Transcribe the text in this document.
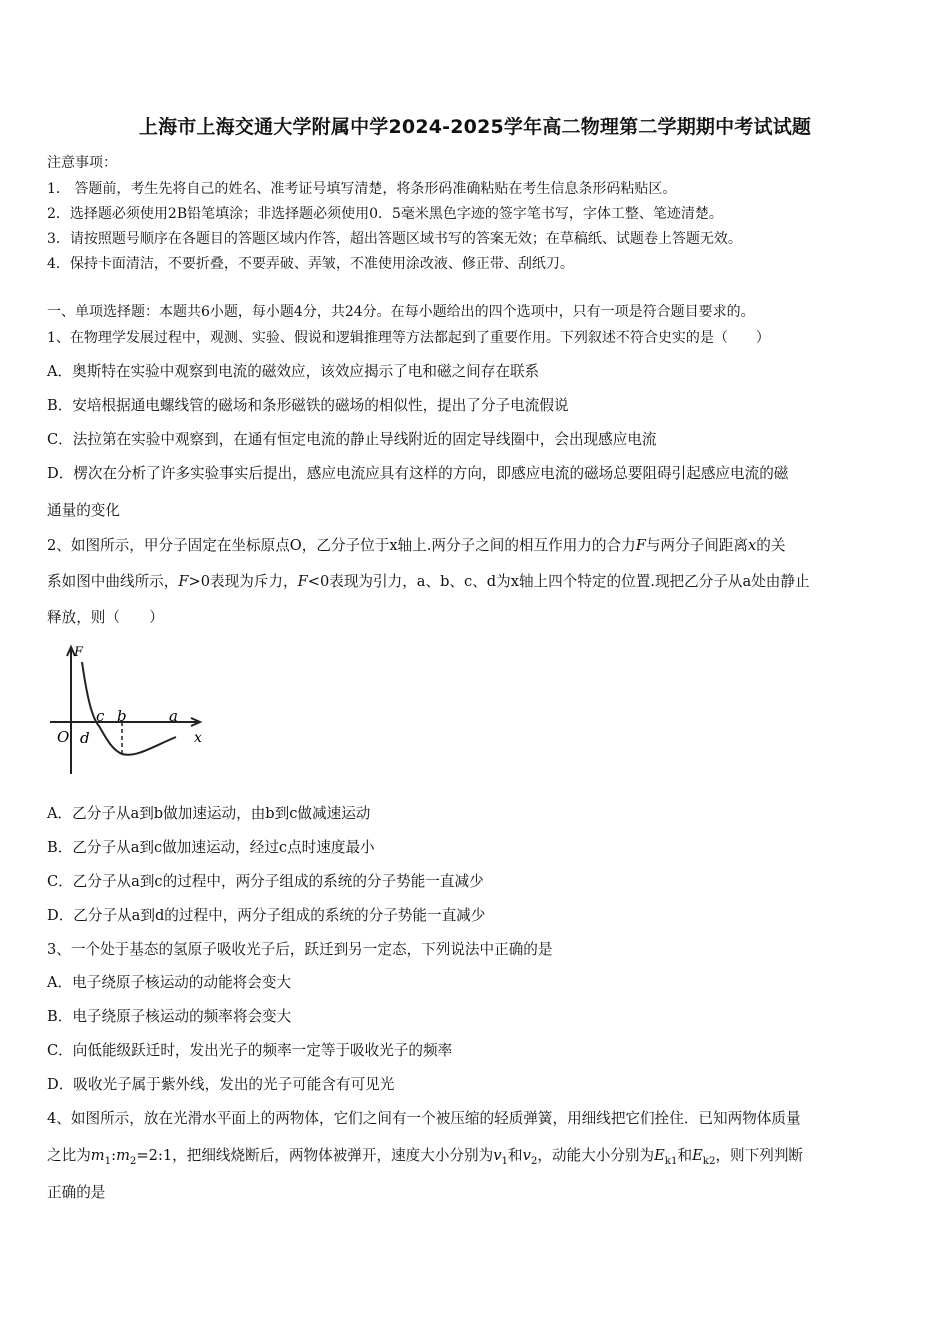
上海市上海交通大学附属中学2024-2025学年高二物理第二学期期中考试试题
注意事项：
1． 答题前，考生先将自己的姓名、准考证号填写清楚，将条形码准确粘贴在考生信息条形码粘贴区。
2．选择题必须使用2B铅笔填涂；非选择题必须使用0．5毫米黑色字迹的签字笔书写，字体工整、笔迹清楚。
3．请按照题号顺序在各题目的答题区域内作答，超出答题区域书写的答案无效；在草稿纸、试题卷上答题无效。
4．保持卡面清洁，不要折叠，不要弄破、弄皱，不准使用涂改液、修正带、刮纸刀。
一、单项选择题：本题共6小题，每小题4分，共24分。在每小题给出的四个选项中，只有一项是符合题目要求的。
1、在物理学发展过程中，观测、实验、假说和逻辑推理等方法都起到了重要作用。下列叙述不符合史实的是（　　）
A．奥斯特在实验中观察到电流的磁效应，该效应揭示了电和磁之间存在联系
B．安培根据通电螺线管的磁场和条形磁铁的磁场的相似性，提出了分子电流假说
C．法拉第在实验中观察到，在通有恒定电流的静止导线附近的固定导线圈中，会出现感应电流
D．楞次在分析了许多实验事实后提出，感应电流应具有这样的方向，即感应电流的磁场总要阻碍引起感应电流的磁
通量的变化
2、如图所示，甲分子固定在坐标原点O，乙分子位于x轴上.两分子之间的相互作用力的合力F与两分子间距离x的关
系如图中曲线所示，F>0表现为斥力，F<0表现为引力，a、b、c、d为x轴上四个特定的位置.现把乙分子从a处由静止
释放，则（　　）
F
O d
c b	a
x
A．乙分子从a到b做加速运动，由b到c做减速运动
B．乙分子从a到c做加速运动，经过c点时速度最小
C．乙分子从a到c的过程中，两分子组成的系统的分子势能一直减少
D．乙分子从a到d的过程中，两分子组成的系统的分子势能一直减少
3、一个处于基态的氢原子吸收光子后，跃迁到另一定态，下列说法中正确的是
A．电子绕原子核运动的动能将会变大
B．电子绕原子核运动的频率将会变大
C．向低能级跃迁时，发出光子的频率一定等于吸收光子的频率
D．吸收光子属于紫外线，发出的光子可能含有可见光
4、如图所示，放在光滑水平面上的两物体，它们之间有一个被压缩的轻质弹簧，用细线把它们拴住．已知两物体质量
之比为$m_1:m_2=2:1$，把细线烧断后，两物体被弹开，速度大小分别为$v_1$和$v_2$，动能大小分别为$E_{k1}$和$E_{k2}$，则下列判断
正确的是
